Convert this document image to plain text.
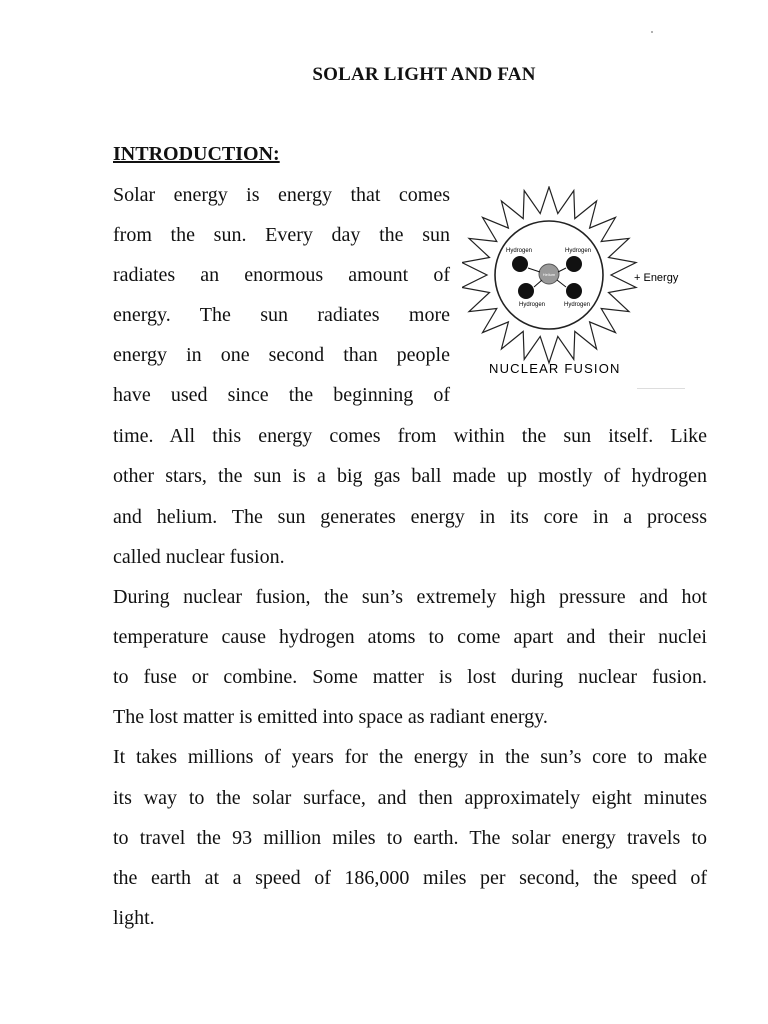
SOLAR LIGHT AND FAN
INTRODUCTION:
Solar energy is energy that comes
from the sun. Every day the sun
radiates an enormous amount of
energy. The sun radiates more
energy in one second than people
have used since the beginning of
time. All this energy comes from within the sun itself. Like
other stars, the sun is a big gas ball made up mostly of hydrogen
and helium. The sun generates energy in its core in a process
called nuclear fusion.
During nuclear fusion, the sun’s extremely high pressure and hot
temperature cause hydrogen atoms to come apart and their nuclei
to fuse or combine. Some matter is lost during nuclear fusion.
The lost matter is emitted into space as radiant energy.
It takes millions of years for the energy in the sun’s core to make
its way to the solar surface, and then approximately eight minutes
to travel the 93 million miles to earth. The solar energy travels to
the earth at a speed of 186,000 miles per second, the speed of
light.
Hydrogen	Hydrogen
Hydrogen	Hydrogen
Helium	+ Energy
NUCLEAR FUSION
